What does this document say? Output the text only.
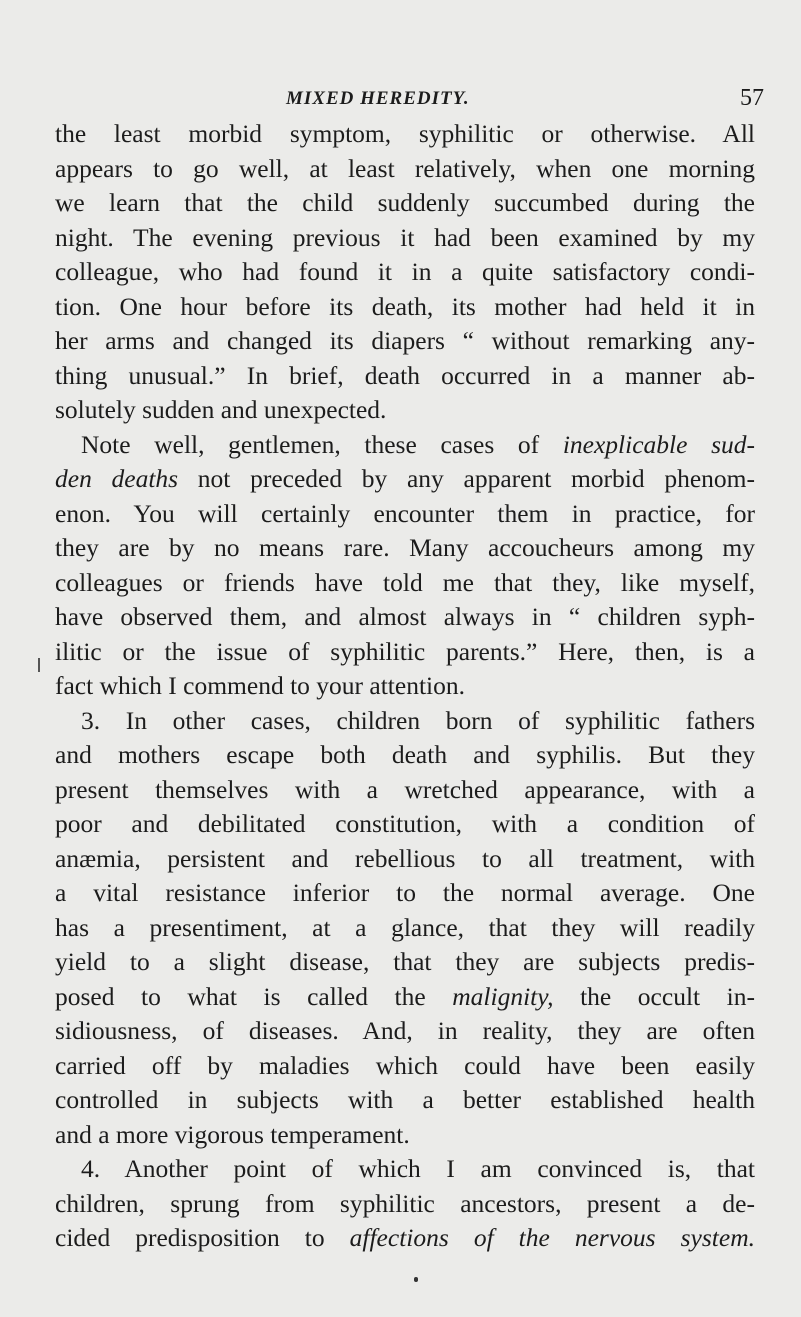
MIXED HEREDITY.	57
the least morbid symptom, syphilitic or otherwise. All
appears to go well, at least relatively, when one morning
we learn that the child suddenly succumbed during the
night. The evening previous it had been examined by my
colleague, who had found it in a quite satisfactory condi-
tion. One hour before its death, its mother had held it in
her arms and changed its diapers “ without remarking any-
thing unusual.” In brief, death occurred in a manner ab-
solutely sudden and unexpected.
Note well, gentlemen, these cases of inexplicable sud-
den deaths not preceded by any apparent morbid phenom-
enon. You will certainly encounter them in practice, for
they are by no means rare. Many accoucheurs among my
colleagues or friends have told me that they, like myself,
have observed them, and almost always in “ children syph-
ilitic or the issue of syphilitic parents.” Here, then, is a
fact which I commend to your attention.
3. In other cases, children born of syphilitic fathers
and mothers escape both death and syphilis. But they
present themselves with a wretched appearance, with a
poor and debilitated constitution, with a condition of
anæmia, persistent and rebellious to all treatment, with
a vital resistance inferior to the normal average. One
has a presentiment, at a glance, that they will readily
yield to a slight disease, that they are subjects predis-
posed to what is called the malignity, the occult in-
sidiousness, of diseases. And, in reality, they are often
carried off by maladies which could have been easily
controlled in subjects with a better established health
and a more vigorous temperament.
4. Another point of which I am convinced is, that
children, sprung from syphilitic ancestors, present a de-
cided predisposition to affections of the nervous system.
